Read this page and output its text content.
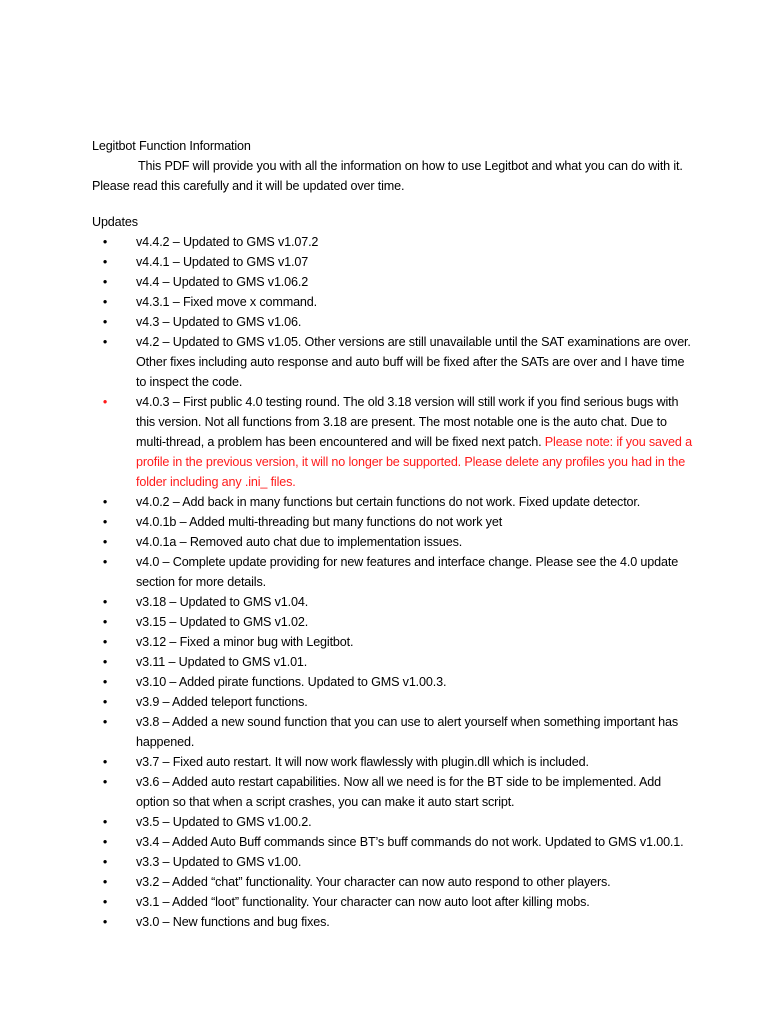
Legitbot Function Information

This PDF will provide you with all the information on how to use Legitbot and what you can do with it. Please read this carefully and it will be updated over time.

Updates

• v4.4.2 – Updated to GMS v1.07.2
• v4.4.1 – Updated to GMS v1.07
• v4.4 – Updated to GMS v1.06.2
• v4.3.1 – Fixed move x command.
• v4.3 – Updated to GMS v1.06.
• v4.2 – Updated to GMS v1.05. Other versions are still unavailable until the SAT examinations are over. Other fixes including auto response and auto buff will be fixed after the SATs are over and I have time to inspect the code.
• v4.0.3 – First public 4.0 testing round. The old 3.18 version will still work if you find serious bugs with this version. Not all functions from 3.18 are present. The most notable one is the auto chat. Due to multi-thread, a problem has been encountered and will be fixed next patch. Please note: if you saved a profile in the previous version, it will no longer be supported. Please delete any profiles you had in the folder including any .ini_ files.
• v4.0.2 – Add back in many functions but certain functions do not work. Fixed update detector.
• v4.0.1b – Added multi-threading but many functions do not work yet
• v4.0.1a – Removed auto chat due to implementation issues.
• v4.0 – Complete update providing for new features and interface change. Please see the 4.0 update section for more details.
• v3.18 – Updated to GMS v1.04.
• v3.15 – Updated to GMS v1.02.
• v3.12 – Fixed a minor bug with Legitbot.
• v3.11 – Updated to GMS v1.01.
• v3.10 – Added pirate functions. Updated to GMS v1.00.3.
• v3.9 – Added teleport functions.
• v3.8 – Added a new sound function that you can use to alert yourself when something important has happened.
• v3.7 – Fixed auto restart. It will now work flawlessly with plugin.dll which is included.
• v3.6 – Added auto restart capabilities. Now all we need is for the BT side to be implemented. Add option so that when a script crashes, you can make it auto start script.
• v3.5 – Updated to GMS v1.00.2.
• v3.4 – Added Auto Buff commands since BT’s buff commands do not work. Updated to GMS v1.00.1.
• v3.3 – Updated to GMS v1.00.
• v3.2 – Added “chat” functionality. Your character can now auto respond to other players.
• v3.1 – Added “loot” functionality. Your character can now auto loot after killing mobs.
• v3.0 – New functions and bug fixes.
